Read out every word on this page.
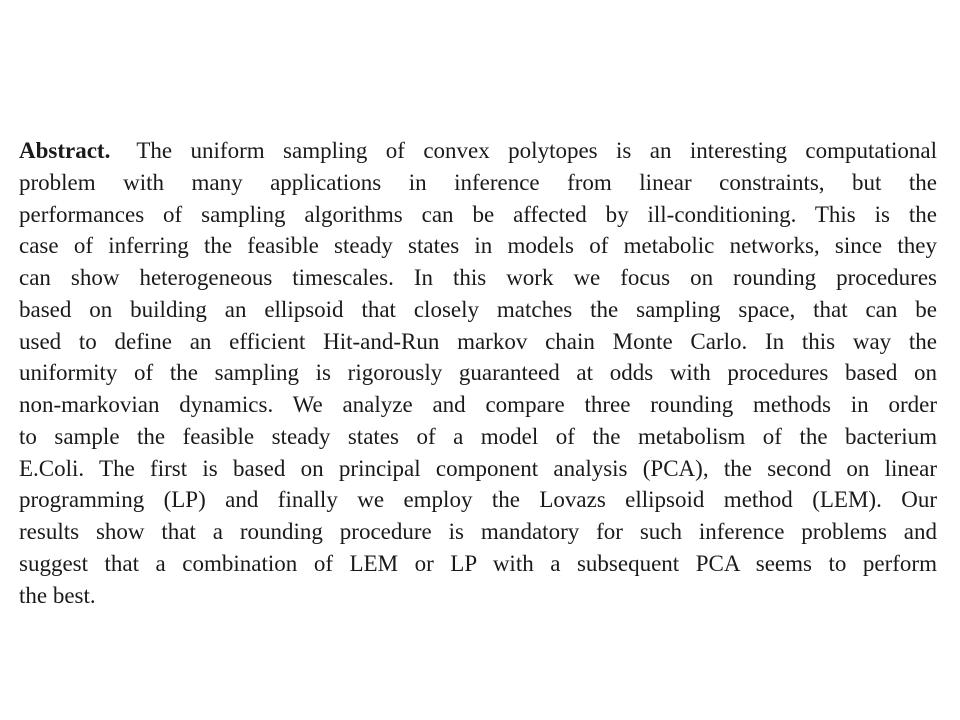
Abstract. The uniform sampling of convex polytopes is an interesting computational
problem with many applications in inference from linear constraints, but the
performances of sampling algorithms can be affected by ill-conditioning. This is the
case of inferring the feasible steady states in models of metabolic networks, since they
can show heterogeneous timescales. In this work we focus on rounding procedures
based on building an ellipsoid that closely matches the sampling space, that can be
used to define an efficient Hit-and-Run markov chain Monte Carlo. In this way the
uniformity of the sampling is rigorously guaranteed at odds with procedures based on
non-markovian dynamics. We analyze and compare three rounding methods in order
to sample the feasible steady states of a model of the metabolism of the bacterium
E.Coli. The first is based on principal component analysis (PCA), the second on linear
programming (LP) and finally we employ the Lovazs ellipsoid method (LEM). Our
results show that a rounding procedure is mandatory for such inference problems and
suggest that a combination of LEM or LP with a subsequent PCA seems to perform
the best.
